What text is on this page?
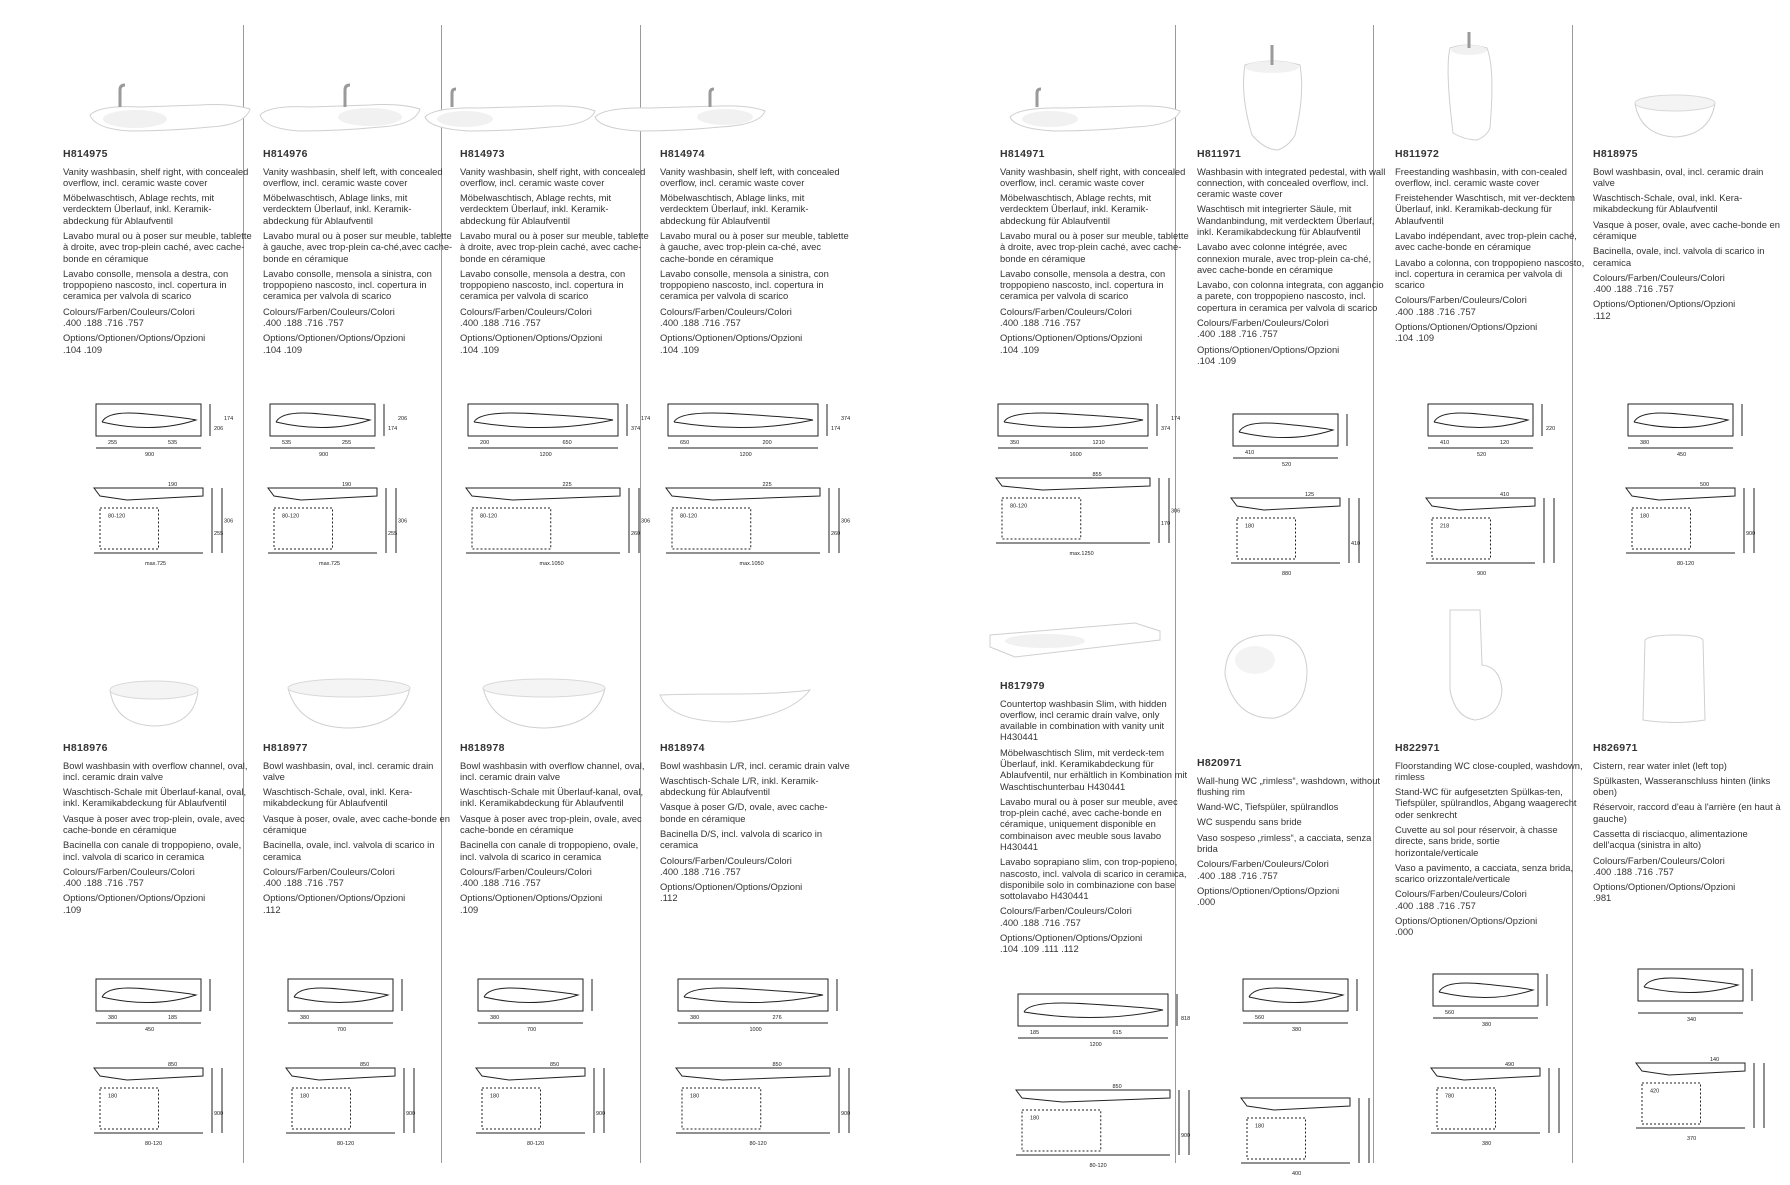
H814975
Vanity washbasin, shelf right, with concealed overflow, incl. ceramic waste cover
Möbelwaschtisch, Ablage rechts, mit verdecktem Überlauf, inkl. Keramik-abdeckung für Ablaufventil
Lavabo mural ou à poser sur meuble, tablette à droite, avec trop-plein caché, avec cache-bonde en céramique
Lavabo consolle, mensola a destra, con troppopieno nascosto, incl. copertura in ceramica per valvola di scarico
Colours/Farben/Couleurs/Colori
.400 .188 .716 .757
Options/Optionen/Options/Opzioni
.104 .109
H814976
Vanity washbasin, shelf left, with concealed overflow, incl. ceramic waste cover
Möbelwaschtisch, Ablage links, mit verdecktem Überlauf, inkl. Keramik-abdeckung für Ablaufventil
Lavabo mural ou à poser sur meuble, tablette à gauche, avec trop-plein ca-ché,avec cache-bonde en céramique
Lavabo consolle, mensola a sinistra, con troppopieno nascosto, incl. copertura in ceramica per valvola di scarico
Colours/Farben/Couleurs/Colori
.400 .188 .716 .757
Options/Optionen/Options/Opzioni
.104 .109
H814973
Vanity washbasin, shelf right, with concealed overflow, incl. ceramic waste cover
Möbelwaschtisch, Ablage rechts, mit verdecktem Überlauf, inkl. Keramik-abdeckung für Ablaufventil
Lavabo mural ou à poser sur meuble, tablette à droite, avec trop-plein caché, avec cache-bonde en céramique
Lavabo consolle, mensola a destra, con troppopieno nascosto, incl. copertura in ceramica per valvola di scarico
Colours/Farben/Couleurs/Colori
.400 .188 .716 .757
Options/Optionen/Options/Opzioni
.104 .109
H814974
Vanity washbasin, shelf left, with concealed overflow, incl. ceramic waste cover
Möbelwaschtisch, Ablage links, mit verdecktem Überlauf, inkl. Keramik-abdeckung für Ablaufventil
Lavabo mural ou à poser sur meuble, tablette à gauche, avec trop-plein ca-ché, avec cache-bonde en céramique
Lavabo consolle, mensola a sinistra, con troppopieno nascosto, incl. copertura in ceramica per valvola di scarico
Colours/Farben/Couleurs/Colori
.400 .188 .716 .757
Options/Optionen/Options/Opzioni
.104 .109
H814971
Vanity washbasin, shelf right, with concealed overflow, incl. ceramic waste cover
Möbelwaschtisch, Ablage rechts, mit verdecktem Überlauf, inkl. Keramik-abdeckung für Ablaufventil
Lavabo mural ou à poser sur meuble, tablette à droite, avec trop-plein caché, avec cache-bonde en céramique
Lavabo consolle, mensola a destra, con troppopieno nascosto, incl. copertura in ceramica per valvola di scarico
Colours/Farben/Couleurs/Colori
.400 .188 .716 .757
Options/Optionen/Options/Opzioni
.104 .109
H811971
Washbasin with integrated pedestal, with wall connection, with concealed overflow, incl. ceramic waste cover
Waschtisch mit integrierter Säule, mit Wandanbindung, mit verdecktem Überlauf, inkl. Keramikabdeckung für Ablaufventil
Lavabo avec colonne intégrée, avec connexion murale, avec trop-plein ca-ché, avec cache-bonde en céramique
Lavabo, con colonna integrata, con aggancio a parete, con troppopieno nascosto, incl. copertura in ceramica per valvola di scarico
Colours/Farben/Couleurs/Colori
.400 .188 .716 .757
Options/Optionen/Options/Opzioni
.104 .109
H811972
Freestanding washbasin, with con-cealed overflow, incl. ceramic waste cover
Freistehender Waschtisch, mit ver-decktem Überlauf, inkl. Keramikab-deckung für Ablaufventil
Lavabo indépendant, avec trop-plein caché, avec cache-bonde en céramique
Lavabo a colonna, con troppopieno nascosto, incl. copertura in ceramica per valvola di scarico
Colours/Farben/Couleurs/Colori
.400 .188 .716 .757
Options/Optionen/Options/Opzioni
.104 .109
H818975
Bowl washbasin, oval, incl. ceramic drain valve
Waschtisch-Schale, oval, inkl. Kera-mikabdeckung für Ablaufventil
Vasque à poser, ovale, avec cache-bonde en céramique
Bacinella, ovale, incl. valvola di scarico in ceramica
Colours/Farben/Couleurs/Colori
.400 .188 .716 .757
Options/Optionen/Options/Opzioni
.112
H818976
Bowl washbasin with overflow channel, oval, incl. ceramic drain valve
Waschtisch-Schale mit Überlauf-kanal, oval, inkl. Keramikabdeckung für Ablaufventil
Vasque à poser avec trop-plein, ovale, avec cache-bonde en céramique
Bacinella con canale di troppopieno, ovale, incl. valvola di scarico in ceramica
Colours/Farben/Couleurs/Colori
.400 .188 .716 .757
Options/Optionen/Options/Opzioni
.109
H818977
Bowl washbasin, oval, incl. ceramic drain valve
Waschtisch-Schale, oval, inkl. Kera-mikabdeckung für Ablaufventil
Vasque à poser, ovale, avec cache-bonde en céramique
Bacinella, ovale, incl. valvola di scarico in ceramica
Colours/Farben/Couleurs/Colori
.400 .188 .716 .757
Options/Optionen/Options/Opzioni
.112
H818978
Bowl washbasin with overflow channel, oval, incl. ceramic drain valve
Waschtisch-Schale mit Überlauf-kanal, oval, inkl. Keramikabdeckung für Ablaufventil
Vasque à poser avec trop-plein, ovale, avec cache-bonde en céramique
Bacinella con canale di troppopieno, ovale, incl. valvola di scarico in ceramica
Colours/Farben/Couleurs/Colori
.400 .188 .716 .757
Options/Optionen/Options/Opzioni
.109
H818974
Bowl washbasin L/R, incl. ceramic drain valve
Waschtisch-Schale L/R, inkl. Keramik-abdeckung für Ablaufventil
Vasque à poser G/D, ovale, avec cache-bonde en céramique
Bacinella D/S, incl. valvola di scarico in ceramica
Colours/Farben/Couleurs/Colori
.400 .188 .716 .757
Options/Optionen/Options/Opzioni
.112
H817979
Countertop washbasin Slim, with hidden overflow, incl ceramic drain valve, only available in combination with vanity unit H430441
Möbelwaschtisch Slim, mit verdeck-tem Überlauf, inkl. Keramikabdeckung für Ablaufventil, nur erhältlich in Kombination mit Waschtischunterbau H430441
Lavabo mural ou à poser sur meuble, avec trop-plein caché, avec cache-bonde en céramique, uniquement disponible en combinaison avec meuble sous lavabo H430441
Lavabo soprapiano slim, con trop-popieno, nascosto, incl. valvola di scarico in ceramica, disponibile solo in combinazione con base sottolavabo H430441
Colours/Farben/Couleurs/Colori
.400 .188 .716 .757
Options/Optionen/Options/Opzioni
.104 .109 .111 .112
H820971
Wall-hung WC „rimless“, washdown, without flushing rim
Wand-WC, Tiefspüler, spülrandlos
WC suspendu sans bride
Vaso sospeso „rimless“, a cacciata, senza brida
Colours/Farben/Couleurs/Colori
.400 .188 .716 .757
Options/Optionen/Options/Opzioni
.000
H822971
Floorstanding WC close-coupled, washdown, rimless
Stand-WC für aufgesetzten Spülkas-ten, Tiefspüler, spülrandlos, Abgang waagerecht oder senkrecht
Cuvette au sol pour réservoir, à chasse directe, sans bride, sortie horizontale/verticale
Vaso a pavimento, a cacciata, senza brida, scarico orizzontale/verticale
Colours/Farben/Couleurs/Colori
.400 .188 .716 .757
Options/Optionen/Options/Opzioni
.000
H826971
Cistern, rear water inlet (left top)
Spülkasten, Wasseranschluss hinten (links oben)
Réservoir, raccord d'eau à l'arrière (en haut à gauche)
Cassetta di risciacquo, alimentazione dell'acqua (sinistra in alto)
Colours/Farben/Couleurs/Colori
.400 .188 .716 .757
Options/Optionen/Options/Opzioni
.981
900
255	535
206
174
max.725
80-120
190
255
306
900
535	255
174
206
max.725
80-120
190
255
306
1200
200	650
374
174
max.1050
80-120
225
260
306
1200
650	200
174
374
max.1050
80-120
225
260
306
1600
350	1210
374
174
max.1250
80-120
855
170
306
520
410
880
180
125
410
520
410	120
220
900
218
410
450
380
80-120
180
500
900
450
380	185
80-120
180
850
900
700
380
80-120
180
850
900
700
380
80-120
180
850
900
1000
380	276
80-120
180
850
900
1200
185	615
818
80-120
180
850
900
380
560
400
180
380
560
380
780
490
340
370
420
140
